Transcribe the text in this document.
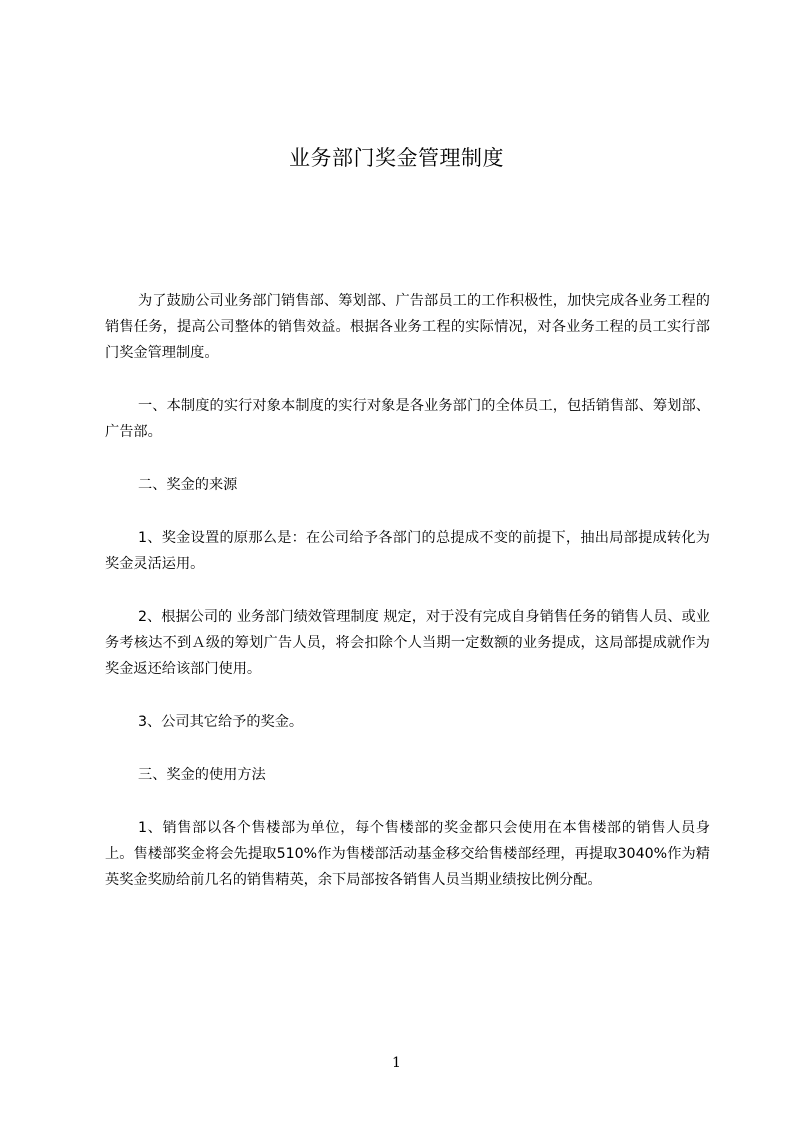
业务部门奖金管理制度

为了鼓励公司业务部门销售部、筹划部、广告部员工的工作积极性，加快完成各业务工程的销售任务，提高公司整体的销售效益。根据各业务工程的实际情况，对各业务工程的员工实行部门奖金管理制度。

一、本制度的实行对象本制度的实行对象是各业务部门的全体员工，包括销售部、筹划部、广告部。

二、奖金的来源

1、奖金设置的原那么是：在公司给予各部门的总提成不变的前提下，抽出局部提成转化为奖金灵活运用。

2、根据公司的 业务部门绩效管理制度 规定，对于没有完成自身销售任务的销售人员、或业务考核达不到Ａ级的筹划广告人员，将会扣除个人当期一定数额的业务提成，这局部提成就作为奖金返还给该部门使用。

3、公司其它给予的奖金。

三、奖金的使用方法

1、销售部以各个售楼部为单位，每个售楼部的奖金都只会使用在本售楼部的销售人员身上。售楼部奖金将会先提取510%作为售楼部活动基金移交给售楼部经理，再提取3040%作为精英奖金奖励给前几名的销售精英，余下局部按各销售人员当期业绩按比例分配。

1
